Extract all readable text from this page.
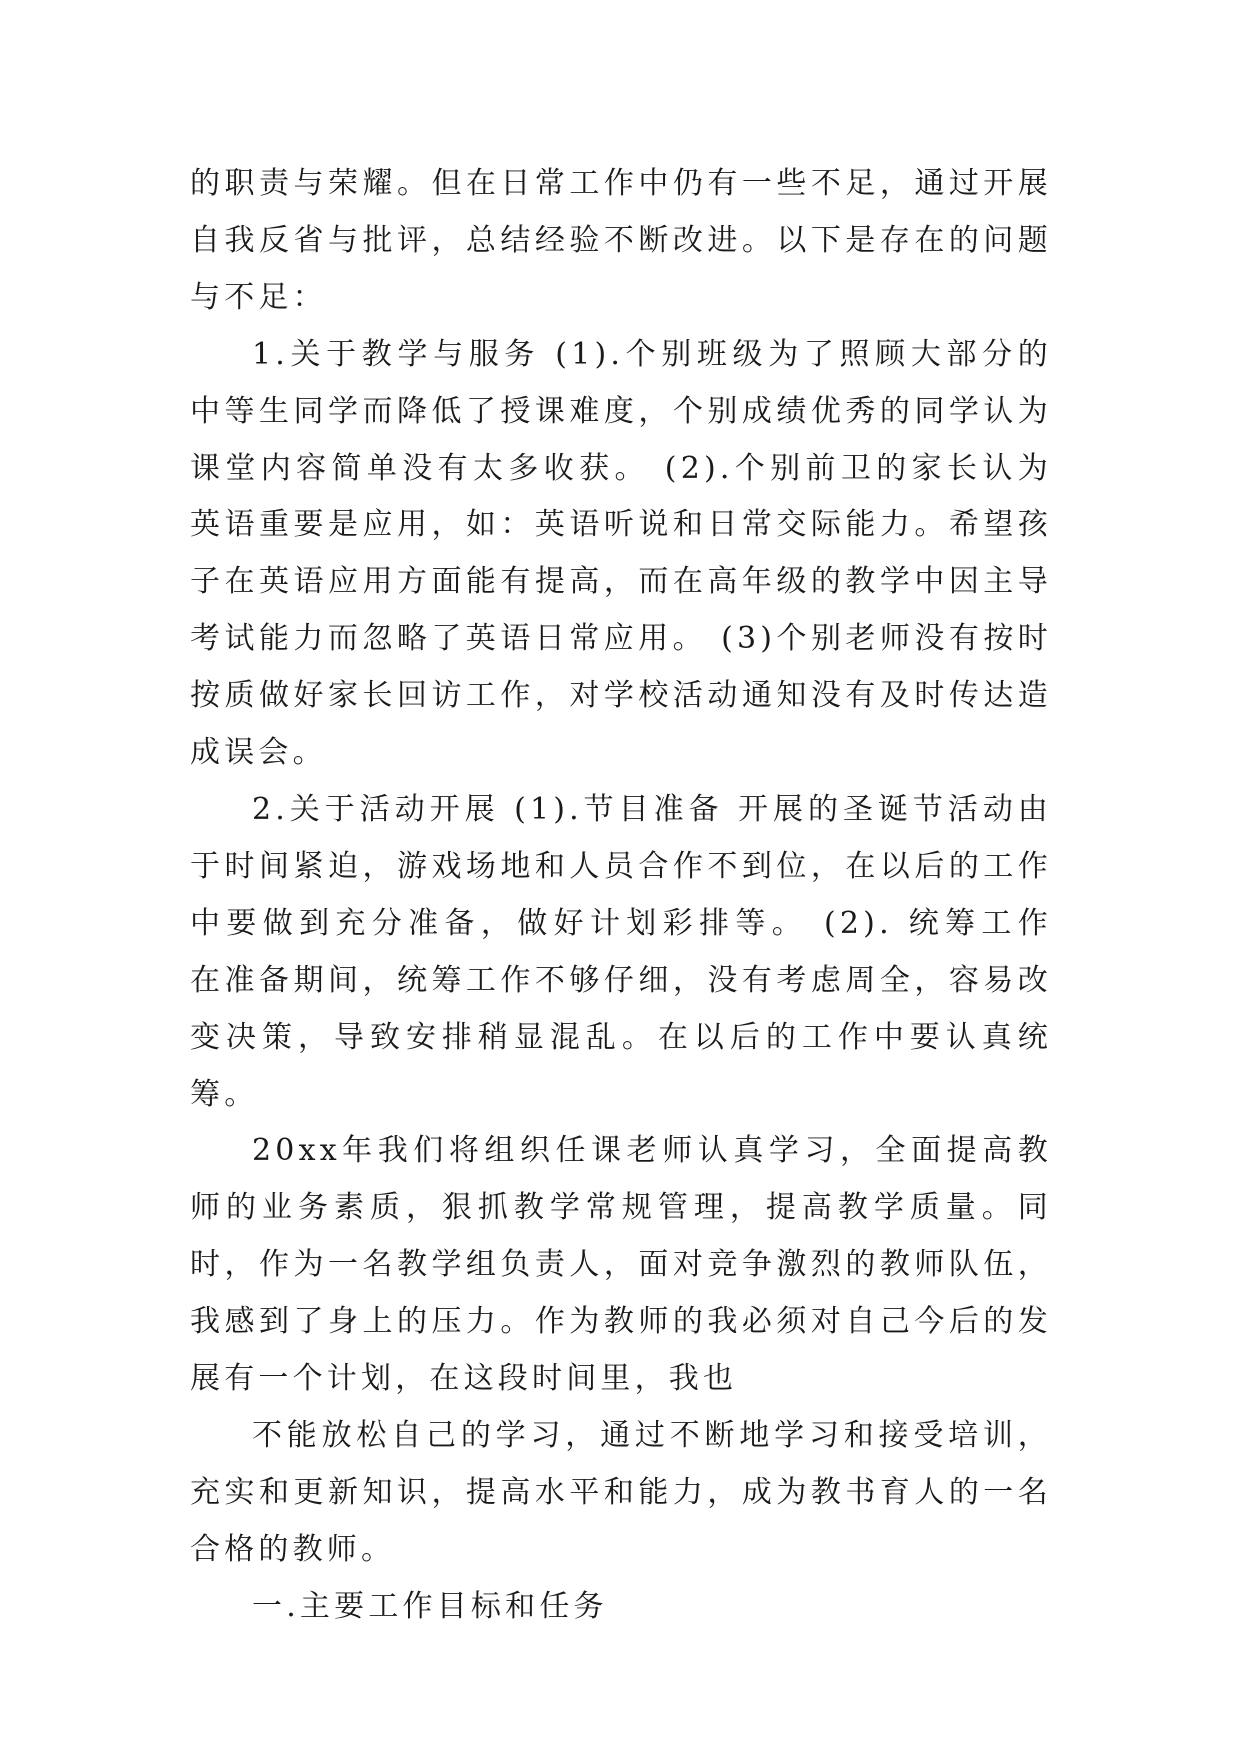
的职责与荣耀。但在日常工作中仍有一些不足，通过开展自我反省与批评，总结经验不断改进。以下是存在的问题与不足：

1.关于教学与服务 (1).个别班级为了照顾大部分的中等生同学而降低了授课难度，个别成绩优秀的同学认为课堂内容简单没有太多收获。 (2).个别前卫的家长认为英语重要是应用，如：英语听说和日常交际能力。希望孩子在英语应用方面能有提高，而在高年级的教学中因主导考试能力而忽略了英语日常应用。 (3)个别老师没有按时按质做好家长回访工作，对学校活动通知没有及时传达造成误会。

2.关于活动开展 (1).节目准备 开展的圣诞节活动由于时间紧迫，游戏场地和人员合作不到位，在以后的工作中要做到充分准备，做好计划彩排等。 (2). 统筹工作 在准备期间，统筹工作不够仔细，没有考虑周全，容易改变决策，导致安排稍显混乱。在以后的工作中要认真统筹。

20xx年我们将组织任课老师认真学习，全面提高教师的业务素质，狠抓教学常规管理，提高教学质量。同时，作为一名教学组负责人，面对竞争激烈的教师队伍，我感到了身上的压力。作为教师的我必须对自己今后的发展有一个计划，在这段时间里，我也

不能放松自己的学习，通过不断地学习和接受培训，充实和更新知识，提高水平和能力，成为教书育人的一名合格的教师。

一.主要工作目标和任务
